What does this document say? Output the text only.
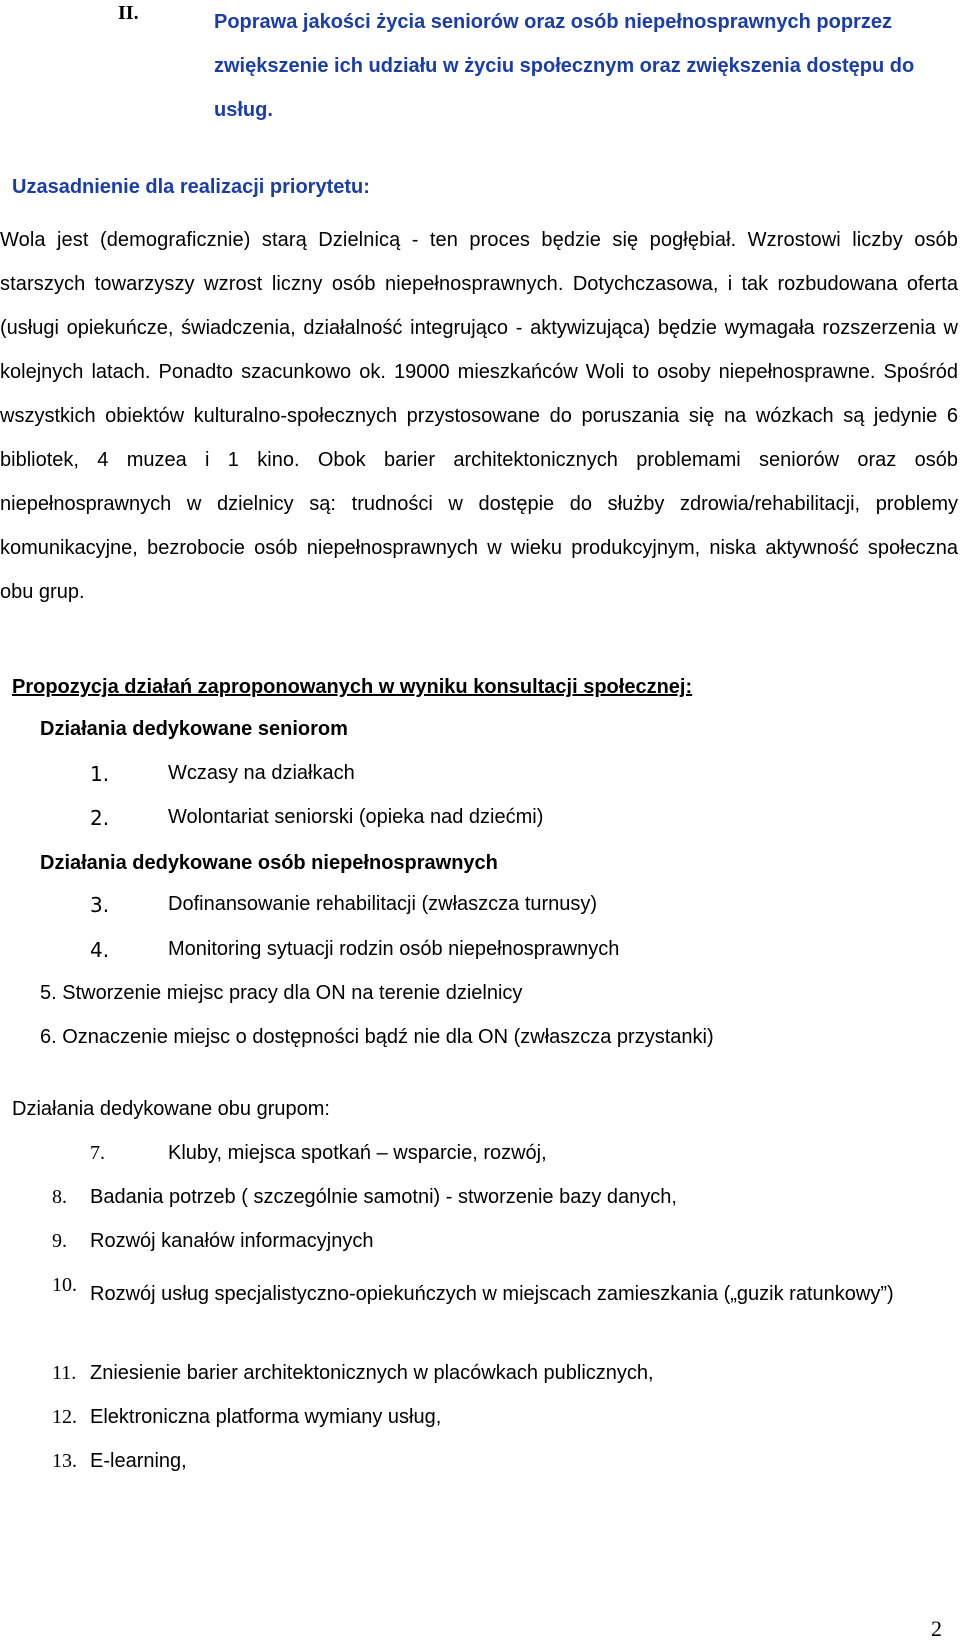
II.	Poprawa jakości życia seniorów oraz osób niepełnosprawnych poprzez zwiększenie ich udziału w życiu społecznym oraz zwiększenia dostępu do usług.
Uzasadnienie dla realizacji priorytetu:
Wola jest (demograficznie) starą Dzielnicą - ten proces będzie się pogłębiał. Wzrostowi liczby osób starszych towarzyszy wzrost liczny osób niepełnosprawnych. Dotychczasowa, i tak rozbudowana oferta (usługi opiekuńcze, świadczenia, działalność integrująco - aktywizująca) będzie wymagała rozszerzenia w kolejnych latach. Ponadto szacunkowo ok. 19000 mieszkańców Woli to osoby niepełnosprawne. Spośród wszystkich obiektów kulturalno-społecznych przystosowane do poruszania się na wózkach są jedynie 6 bibliotek, 4 muzea i 1 kino. Obok barier architektonicznych problemami seniorów oraz osób niepełnosprawnych w dzielnicy są: trudności w dostępie do służby zdrowia/rehabilitacji, problemy komunikacyjne, bezrobocie osób niepełnosprawnych w wieku produkcyjnym, niska aktywność społeczna obu grup.
Propozycja działań zaproponowanych w wyniku konsultacji społecznej:
Działania dedykowane seniorom
1.	Wczasy na działkach
2.	Wolontariat seniorski (opieka nad dziećmi)
Działania dedykowane osób niepełnosprawnych
3.	Dofinansowanie rehabilitacji (zwłaszcza turnusy)
4.	Monitoring sytuacji rodzin osób niepełnosprawnych
5. Stworzenie miejsc pracy dla ON na terenie dzielnicy
6. Oznaczenie miejsc o dostępności bądź nie dla ON (zwłaszcza przystanki)
Działania dedykowane obu grupom:
7.	Kluby, miejsca spotkań – wsparcie, rozwój,
8. Badania potrzeb ( szczególnie samotni) - stworzenie bazy danych,
9. Rozwój kanałów informacyjnych
10. Rozwój usług specjalistyczno-opiekuńczych w miejscach zamieszkania („guzik ratunkowy”)
11. Zniesienie barier architektonicznych w placówkach publicznych,
12. Elektroniczna platforma wymiany usług,
13. E-learning,
2
